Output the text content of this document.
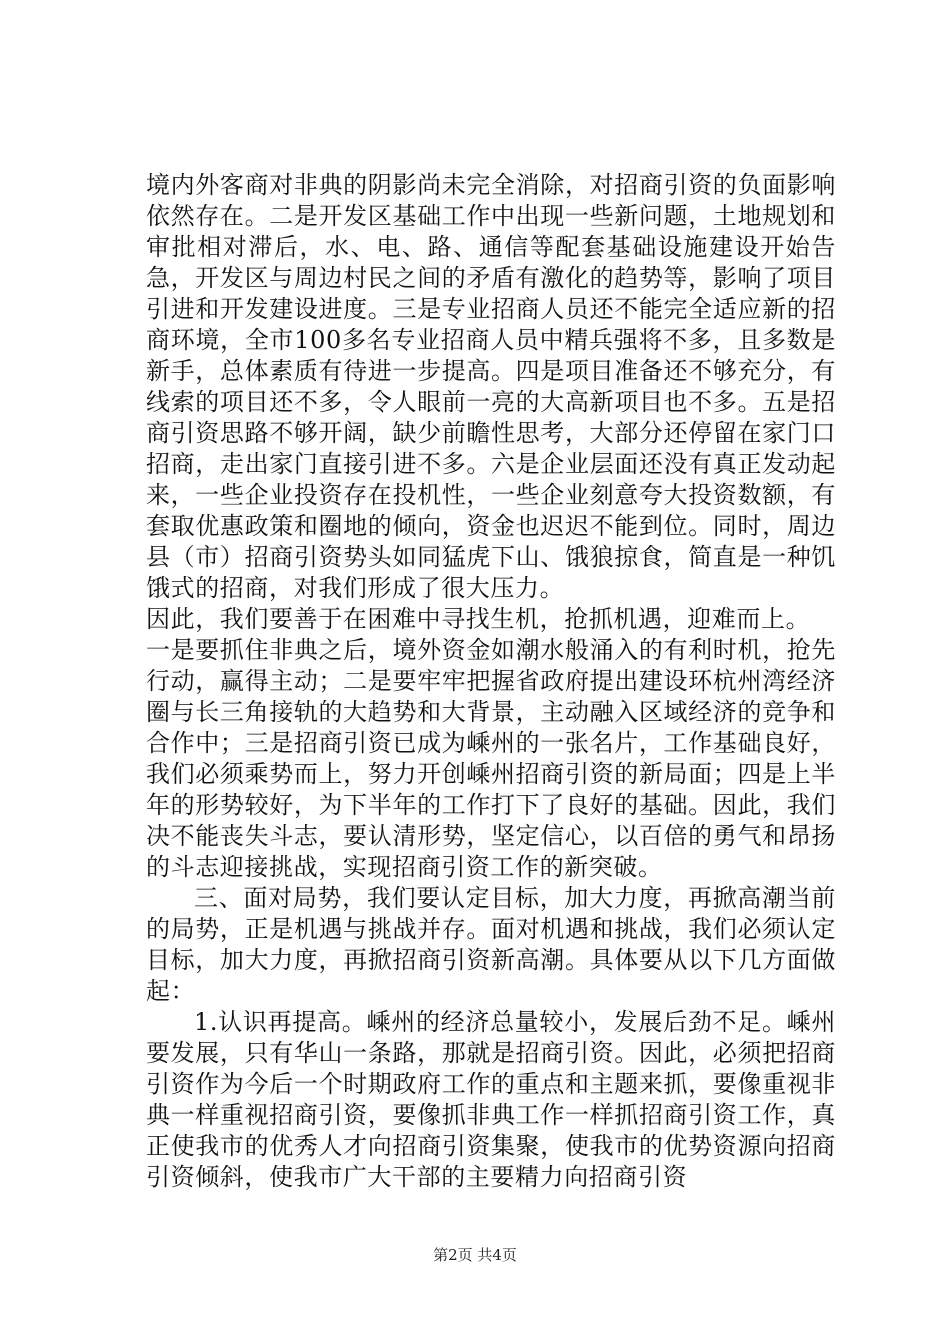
境内外客商对非典的阴影尚未完全消除，对招商引资的负面影响依然存在。二是开发区基础工作中出现一些新问题，土地规划和审批相对滞后，水、电、路、通信等配套基础设施建设开始告急，开发区与周边村民之间的矛盾有激化的趋势等，影响了项目引进和开发建设进度。三是专业招商人员还不能完全适应新的招商环境，全市100多名专业招商人员中精兵强将不多，且多数是新手，总体素质有待进一步提高。四是项目准备还不够充分，有线索的项目还不多，令人眼前一亮的大高新项目也不多。五是招商引资思路不够开阔，缺少前瞻性思考，大部分还停留在家门口招商，走出家门直接引进不多。六是企业层面还没有真正发动起来，一些企业投资存在投机性，一些企业刻意夸大投资数额，有套取优惠政策和圈地的倾向，资金也迟迟不能到位。同时，周边县（市）招商引资势头如同猛虎下山、饿狼掠食，简直是一种饥饿式的招商，对我们形成了很大压力。

因此，我们要善于在困难中寻找生机，抢抓机遇，迎难而上。

一是要抓住非典之后，境外资金如潮水般涌入的有利时机，抢先行动，赢得主动；二是要牢牢把握省政府提出建设环杭州湾经济圈与长三角接轨的大趋势和大背景，主动融入区域经济的竞争和合作中；三是招商引资已成为嵊州的一张名片，工作基础良好，我们必须乘势而上，努力开创嵊州招商引资的新局面；四是上半年的形势较好，为下半年的工作打下了良好的基础。因此，我们决不能丧失斗志，要认清形势，坚定信心，以百倍的勇气和昂扬的斗志迎接挑战，实现招商引资工作的新突破。

三、面对局势，我们要认定目标，加大力度，再掀高潮当前的局势，正是机遇与挑战并存。面对机遇和挑战，我们必须认定目标，加大力度，再掀招商引资新高潮。具体要从以下几方面做起：

1.认识再提高。嵊州的经济总量较小，发展后劲不足。嵊州要发展，只有华山一条路，那就是招商引资。因此，必须把招商引资作为今后一个时期政府工作的重点和主题来抓，要像重视非典一样重视招商引资，要像抓非典工作一样抓招商引资工作，真正使我市的优秀人才向招商引资集聚，使我市的优势资源向招商引资倾斜，使我市广大干部的主要精力向招商引资

第2页 共4页
